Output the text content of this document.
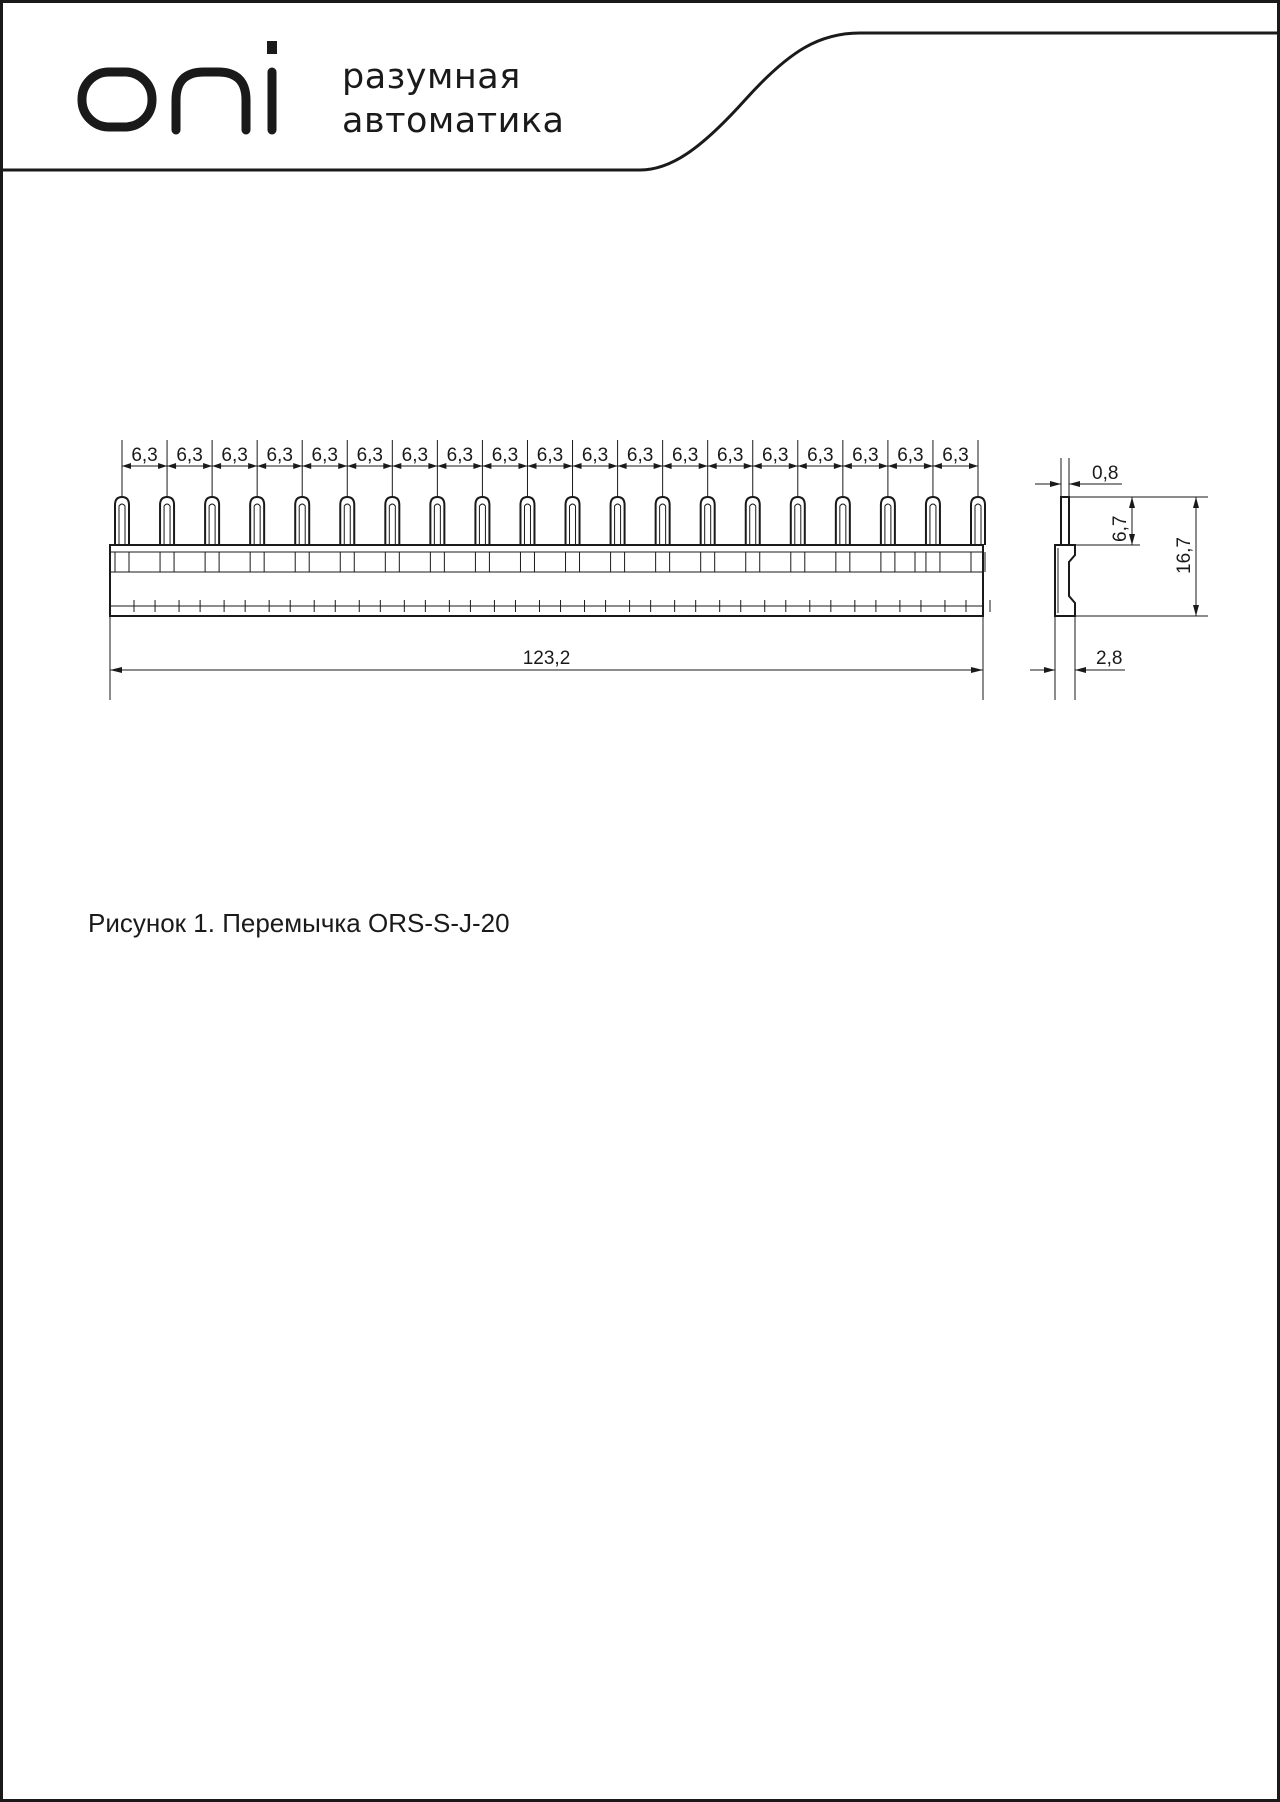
разумная
автоматика
6,3 6,3 6,3 6,3 6,3 6,3 6,3 6,3 6,3 6,3 6,3 6,3 6,3 6,3 6,3 6,3 6,3 6,3 6,3
123,2
0,8
6,7
16,7
2,8
Рисунок 1. Перемычка ORS-S-J-20
